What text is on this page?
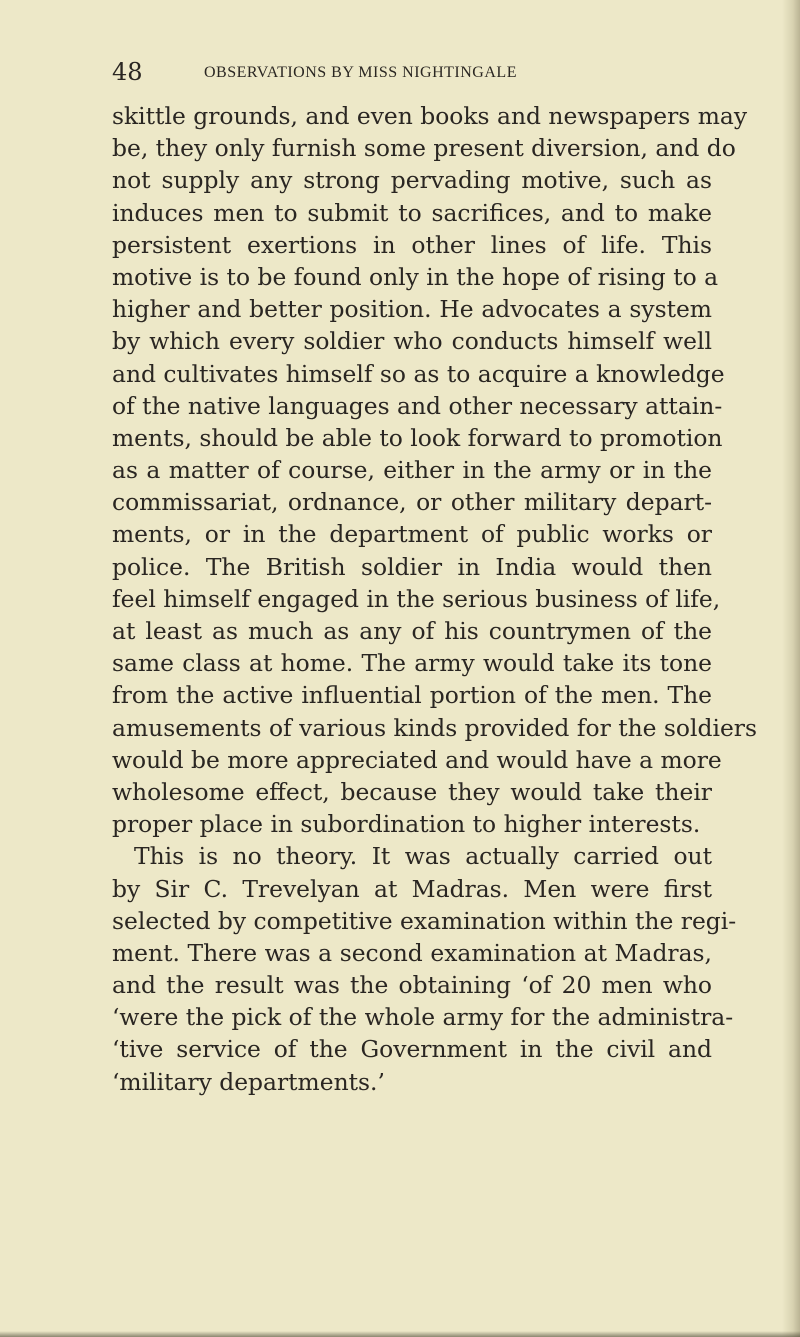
48	OBSERVATIONS BY MISS NIGHTINGALE
skittle grounds, and even books and newspapers may
be, they only furnish some present diversion, and do
not supply any strong pervading motive, such as
induces men to submit to sacrifices, and to make
persistent exertions in other lines of life. This
motive is to be found only in the hope of rising to a
higher and better position. He advocates a system
by which every soldier who conducts himself well
and cultivates himself so as to acquire a knowledge
of the native languages and other necessary attain-
ments, should be able to look forward to promotion
as a matter of course, either in the army or in the
commissariat, ordnance, or other military depart-
ments, or in the department of public works or
police. The British soldier in India would then
feel himself engaged in the serious business of life,
at least as much as any of his countrymen of the
same class at home. The army would take its tone
from the active influential portion of the men. The
amusements of various kinds provided for the soldiers
would be more appreciated and would have a more
wholesome effect, because they would take their
proper place in subordination to higher interests.
This is no theory. It was actually carried out
by Sir C. Trevelyan at Madras. Men were first
selected by competitive examination within the regi-
ment. There was a second examination at Madras,
and the result was the obtaining ‘of 20 men who
‘were the pick of the whole army for the administra-
‘tive service of the Government in the civil and
‘military departments.’
